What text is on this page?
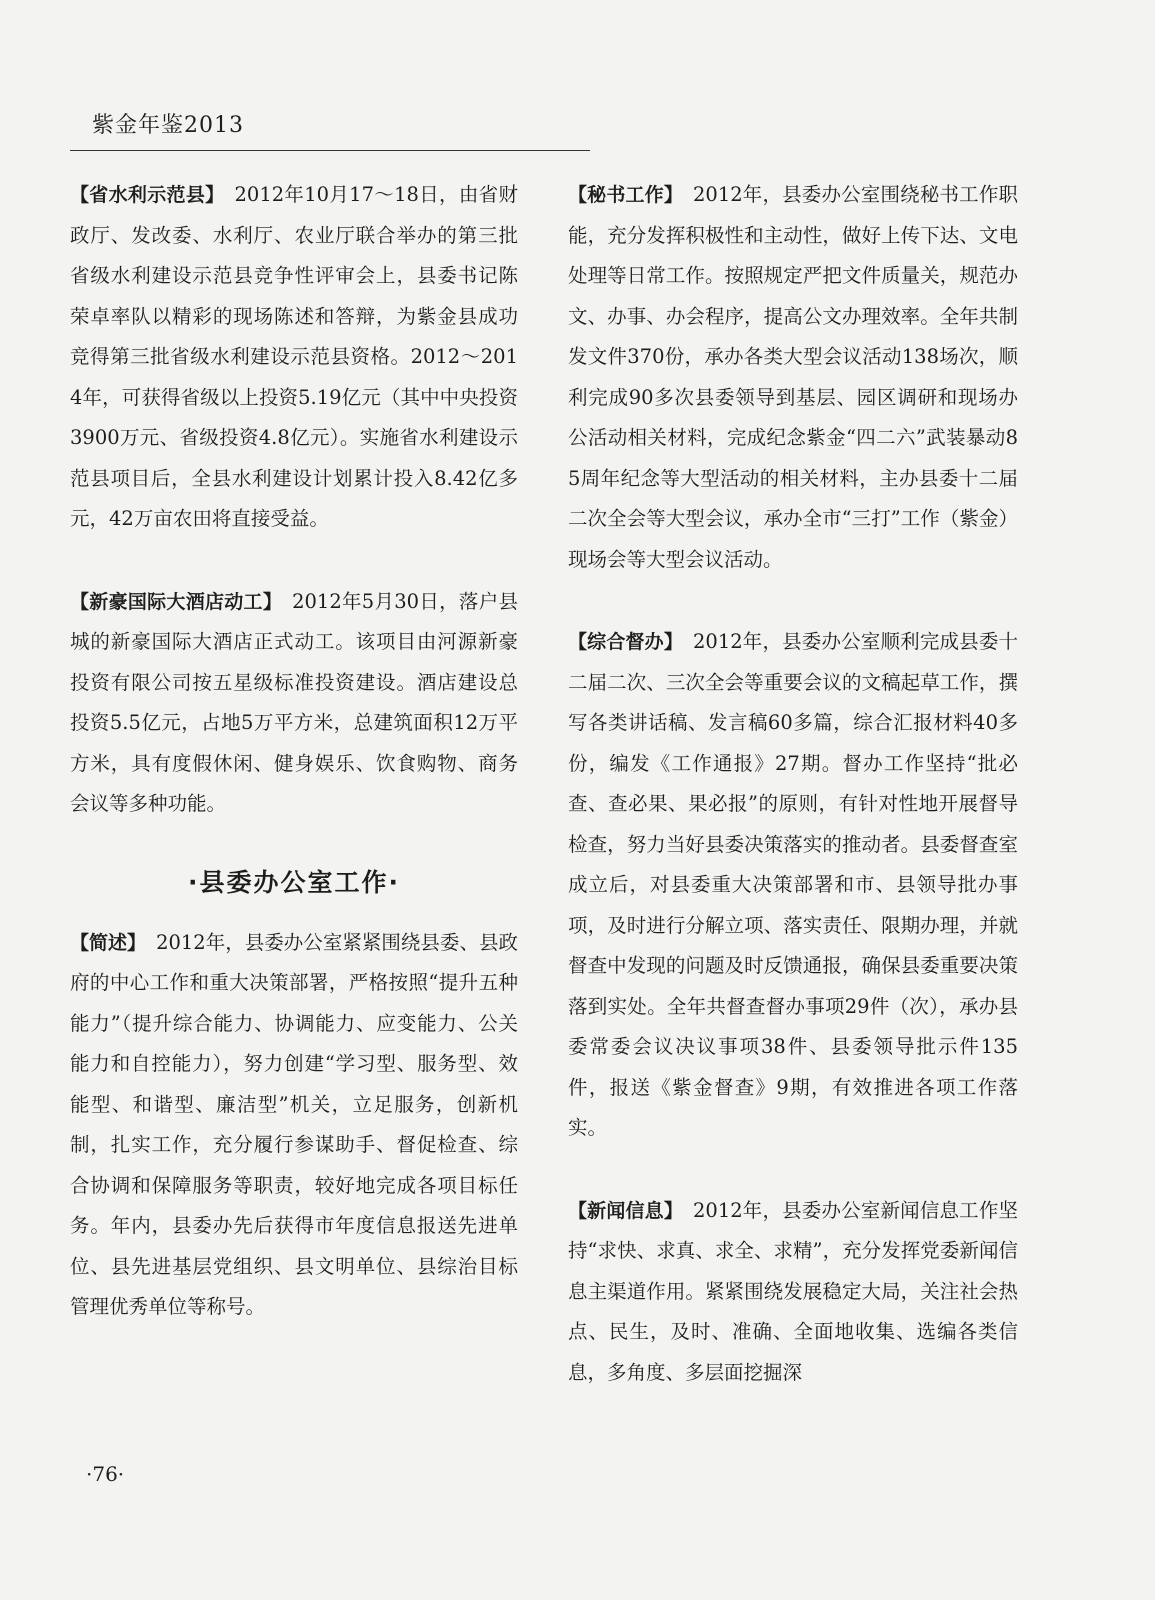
紫金年鉴2013

【省水利示范县】 2012年10月17～18日，由省财政厅、发改委、水利厅、农业厅联合举办的第三批省级水利建设示范县竞争性评审会上，县委书记陈荣卓率队以精彩的现场陈述和答辩，为紫金县成功竞得第三批省级水利建设示范县资格。2012～2014年，可获得省级以上投资5.19亿元（其中中央投资3900万元、省级投资4.8亿元）。实施省水利建设示范县项目后，全县水利建设计划累计投入8.42亿多元，42万亩农田将直接受益。

【新豪国际大酒店动工】 2012年5月30日，落户县城的新豪国际大酒店正式动工。该项目由河源新豪投资有限公司按五星级标准投资建设。酒店建设总投资5.5亿元，占地5万平方米，总建筑面积12万平方米，具有度假休闲、健身娱乐、饮食购物、商务会议等多种功能。

·县委办公室工作·

【简述】 2012年，县委办公室紧紧围绕县委、县政府的中心工作和重大决策部署，严格按照“提升五种能力”（提升综合能力、协调能力、应变能力、公关能力和自控能力），努力创建“学习型、服务型、效能型、和谐型、廉洁型”机关，立足服务，创新机制，扎实工作，充分履行参谋助手、督促检查、综合协调和保障服务等职责，较好地完成各项目标任务。年内，县委办先后获得市年度信息报送先进单位、县先进基层党组织、县文明单位、县综治目标管理优秀单位等称号。

【秘书工作】 2012年，县委办公室围绕秘书工作职能，充分发挥积极性和主动性，做好上传下达、文电处理等日常工作。按照规定严把文件质量关，规范办文、办事、办会程序，提高公文办理效率。全年共制发文件370份，承办各类大型会议活动138场次，顺利完成90多次县委领导到基层、园区调研和现场办公活动相关材料，完成纪念紫金“四二六”武装暴动85周年纪念等大型活动的相关材料，主办县委十二届二次全会等大型会议，承办全市“三打”工作（紫金）现场会等大型会议活动。

【综合督办】 2012年，县委办公室顺利完成县委十二届二次、三次全会等重要会议的文稿起草工作，撰写各类讲话稿、发言稿60多篇，综合汇报材料40多份，编发《工作通报》27期。督办工作坚持“批必查、查必果、果必报”的原则，有针对性地开展督导检查，努力当好县委决策落实的推动者。县委督查室成立后，对县委重大决策部署和市、县领导批办事项，及时进行分解立项、落实责任、限期办理，并就督查中发现的问题及时反馈通报，确保县委重要决策落到实处。全年共督查督办事项29件（次），承办县委常委会议决议事项38件、县委领导批示件135件，报送《紫金督查》9期，有效推进各项工作落实。

【新闻信息】 2012年，县委办公室新闻信息工作坚持“求快、求真、求全、求精”，充分发挥党委新闻信息主渠道作用。紧紧围绕发展稳定大局，关注社会热点、民生，及时、准确、全面地收集、选编各类信息，多角度、多层面挖掘深

·76·
